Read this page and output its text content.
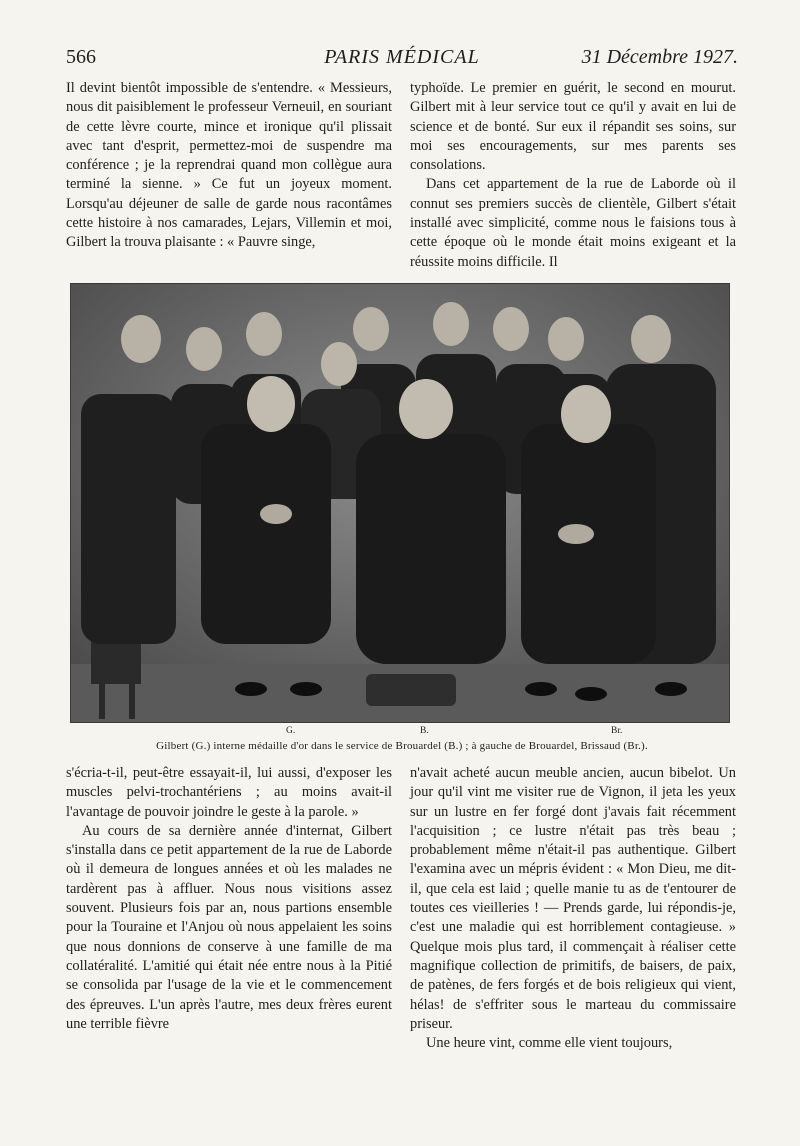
566	PARIS MÉDICAL	31 Décembre 1927.

Il devint bientôt impossible de s'entendre. « Messieurs, nous dit paisiblement le professeur Verneuil, en souriant de cette lèvre courte, mince et ironique qu'il plissait avec tant d'esprit, permettez-moi de suspendre ma conférence ; je la reprendrai quand mon collègue aura terminé la sienne. » Ce fut un joyeux moment. Lorsqu'au déjeuner de salle de garde nous racontâmes cette histoire à nos camarades, Lejars, Villemin et moi, Gilbert la trouva plaisante : « Pauvre singe,

typhoïde. Le premier en guérit, le second en mourut. Gilbert mit à leur service tout ce qu'il y avait en lui de science et de bonté. Sur eux il répandit ses soins, sur moi ses encouragements, sur mes parents ses consolations.

Dans cet appartement de la rue de Laborde où il connut ses premiers succès de clientèle, Gilbert s'était installé avec simplicité, comme nous le faisions tous à cette époque où le monde était moins exigeant et la réussite moins difficile. Il

G.	B.	Br.
Gilbert (G.) interne médaille d'or dans le service de Brouardel (B.) ; à gauche de Brouardel, Brissaud (Br.).

s'écria-t-il, peut-être essayait-il, lui aussi, d'exposer les muscles pelvi-trochantériens ; au moins avait-il l'avantage de pouvoir joindre le geste à la parole. »

Au cours de sa dernière année d'internat, Gilbert s'installa dans ce petit appartement de la rue de Laborde où il demeura de longues années et où les malades ne tardèrent pas à affluer. Nous nous visitions assez souvent. Plusieurs fois par an, nous partions ensemble pour la Touraine et l'Anjou où nous appelaient les soins que nous donnions de conserve à une famille de ma collatéralité. L'amitié qui était née entre nous à la Pitié se consolida par l'usage de la vie et le commencement des épreuves. L'un après l'autre, mes deux frères eurent une terrible fièvre

n'avait acheté aucun meuble ancien, aucun bibelot. Un jour qu'il vint me visiter rue de Vignon, il jeta les yeux sur un lustre en fer forgé dont j'avais fait récemment l'acquisition ; ce lustre n'était pas très beau ; probablement même n'était-il pas authentique. Gilbert l'examina avec un mépris évident : « Mon Dieu, me dit-il, que cela est laid ; quelle manie tu as de t'entourer de toutes ces vieilleries ! — Prends garde, lui répondis-je, c'est une maladie qui est horriblement contagieuse. » Quelque mois plus tard, il commençait à réaliser cette magnifique collection de primitifs, de baisers, de paix, de patènes, de fers forgés et de bois religieux qui vient, hélas! de s'effriter sous le marteau du commissaire priseur.

Une heure vint, comme elle vient toujours,
